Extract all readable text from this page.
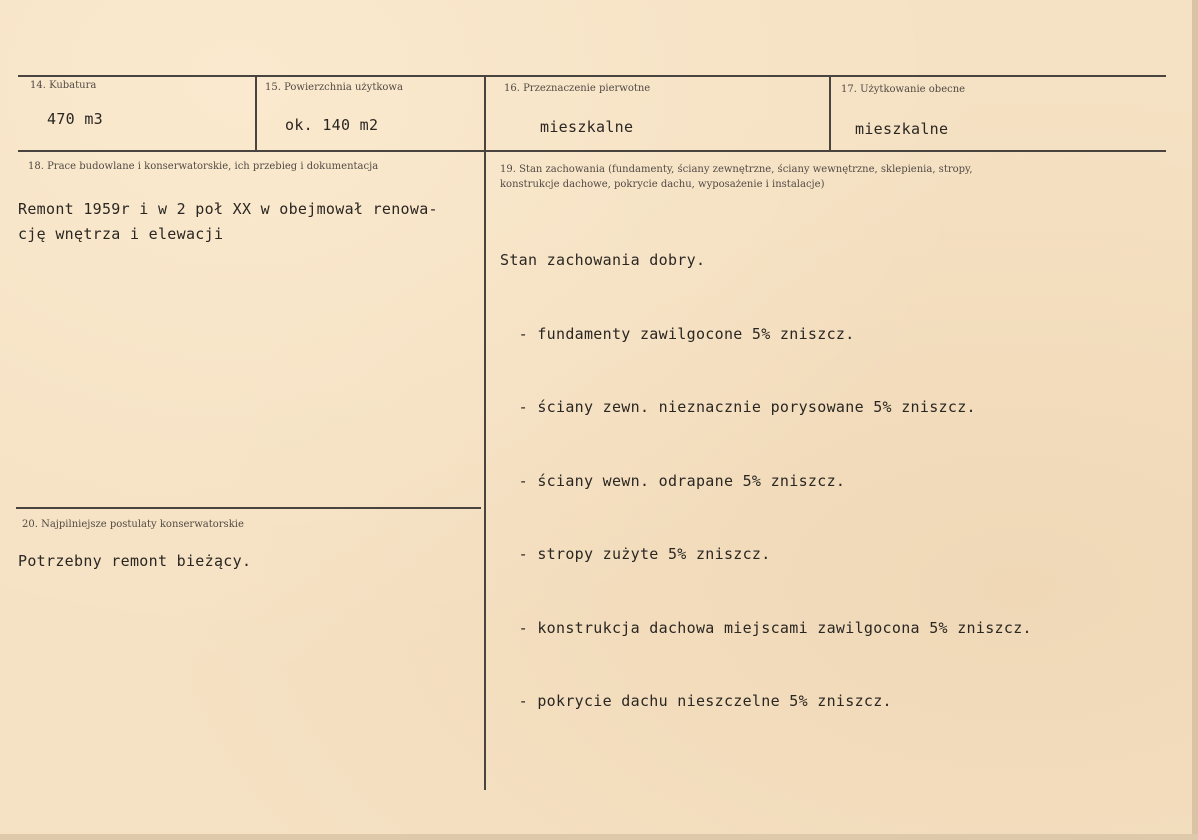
14. Kubatura
470 m3
15. Powierzchnia użytkowa
ok. 140 m2
16. Przeznaczenie pierwotne
mieszkalne
17. Użytkowanie obecne
mieszkalne
18. Prace budowlane i konserwatorskie, ich przebieg i dokumentacja
Remont 1959r i w 2 poł XX w obejmował renowa-
cję wnętrza i elewacji
19. Stan zachowania (fundamenty, ściany zewnętrzne, ściany wewnętrzne, sklepienia, stropy,
konstrukcje dachowe, pokrycie dachu, wyposażenie i instalacje)

Stan zachowania dobry.

- fundamenty zawilgocone 5% zniszcz.

- ściany zewn. nieznacznie porysowane 5% zniszcz.

- ściany wewn. odrapane 5% zniszcz.

- stropy zużyte 5% zniszcz.

- konstrukcja dachowa miejscami zawilgocona 5% zniszcz.

- pokrycie dachu nieszczelne 5% zniszcz.

20. Najpilniejsze postulaty konserwatorskie
Potrzebny remont bieżący.
